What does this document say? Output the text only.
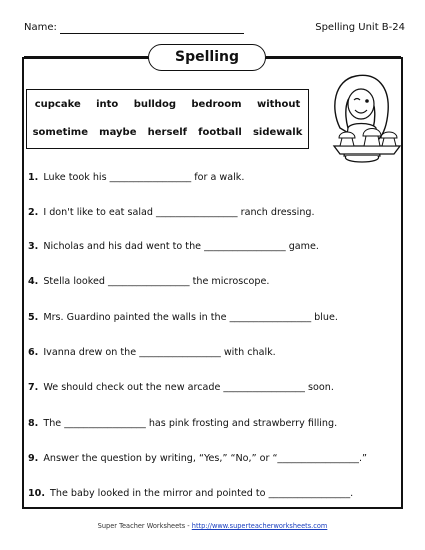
Name:	Spelling Unit B-24
Spelling
cupcake into bulldog bedroom without
sometime maybe herself football sidewalk
1. Luke took his _________________ for a walk.
2. I don't like to eat salad _________________ ranch dressing.
3. Nicholas and his dad went to the _________________ game.
4. Stella looked _________________ the microscope.
5. Mrs. Guardino painted the walls in the _________________ blue.
6. Ivanna drew on the _________________ with chalk.
7. We should check out the new arcade _________________ soon.
8. The _________________ has pink frosting and strawberry filling.
9. Answer the question by writing, “Yes,” “No,” or “_________________.”
10. The baby looked in the mirror and pointed to _________________.
Super Teacher Worksheets - http://www.superteacherworksheets.com
